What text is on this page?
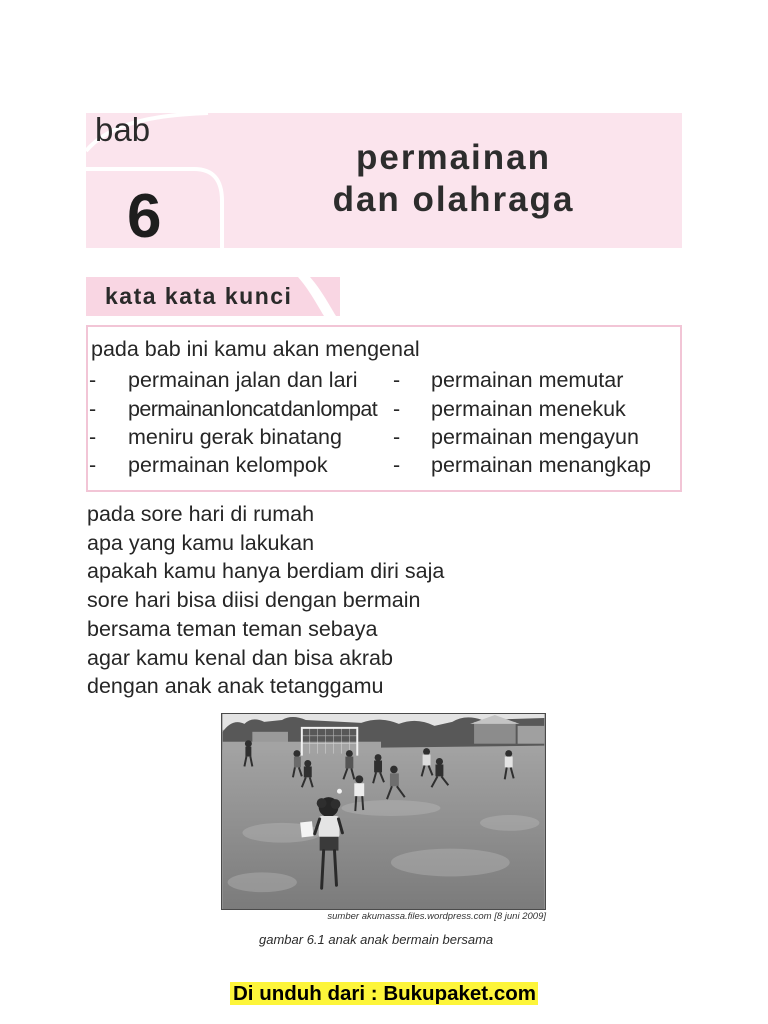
bab
6
permainan
dan olahraga
kata kata kunci
pada bab ini kamu akan mengenal
- permainan jalan dan lari
- permainan loncat dan lompat
- meniru gerak binatang
- permainan kelompok
- permainan memutar
- permainan menekuk
- permainan mengayun
- permainan menangkap
pada sore hari di rumah
apa yang kamu lakukan
apakah kamu hanya berdiam diri saja
sore hari bisa diisi dengan bermain
bersama teman teman sebaya
agar kamu kenal dan bisa akrab
dengan anak anak tetanggamu
sumber akumassa.files.wordpress.com [8 juni 2009]
gambar 6.1 anak anak bermain bersama
Di unduh dari : Bukupaket.com
